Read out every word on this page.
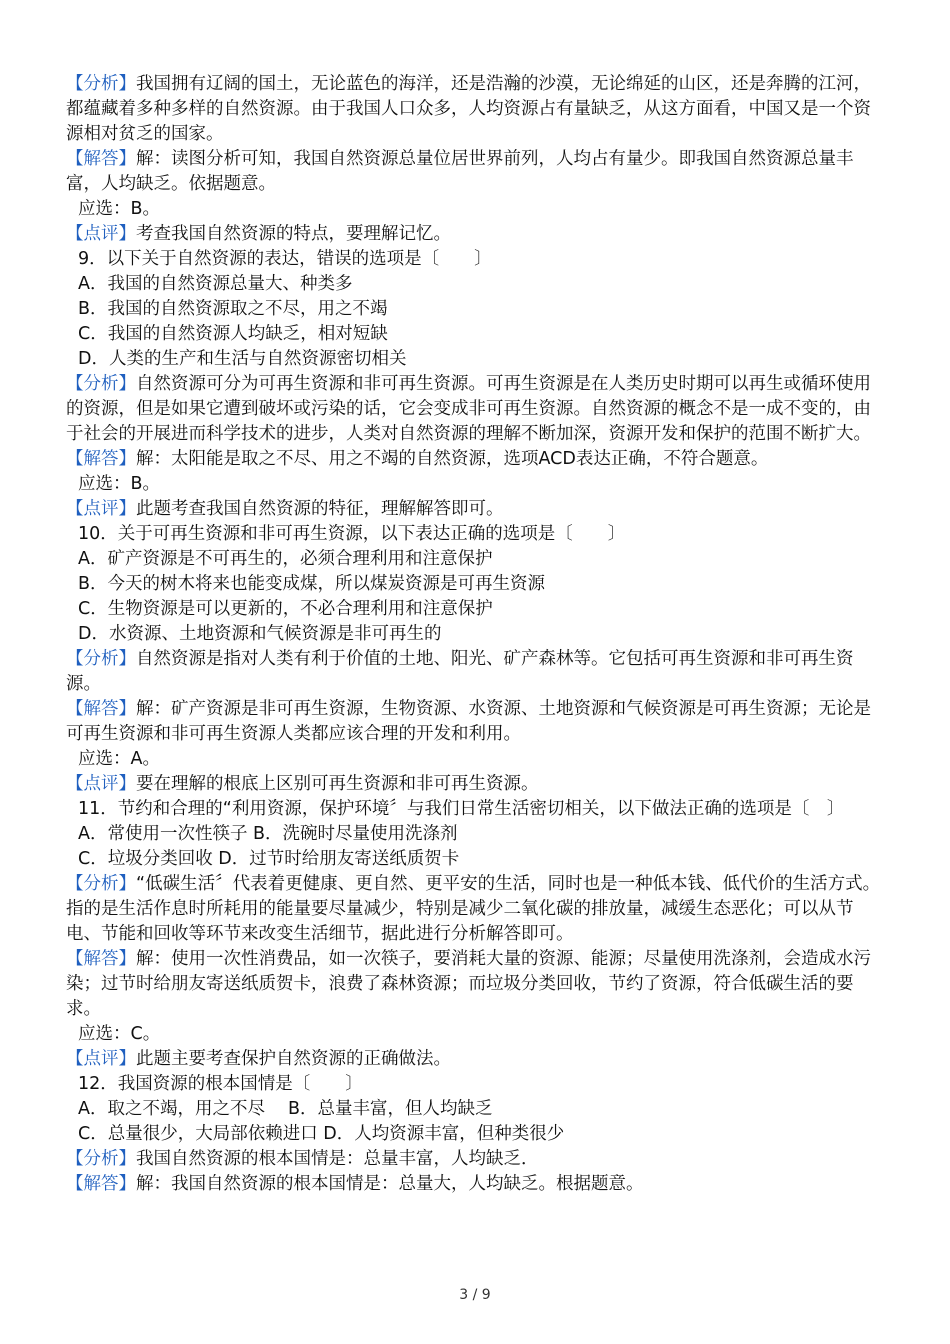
【分析】我国拥有辽阔的国土，无论蓝色的海洋，还是浩瀚的沙漠，无论绵延的山区，还是奔腾的江河，都蕴藏着多种多样的自然资源。由于我国人口众多，人均资源占有量缺乏，从这方面看，中国又是一个资源相对贫乏的国家。
【解答】解：读图分析可知，我国自然资源总量位居世界前列，人均占有量少。即我国自然资源总量丰富，人均缺乏。依据题意。
应选：B。
【点评】考查我国自然资源的特点，要理解记忆。
9．以下关于自然资源的表达，错误的选项是〔　　〕
A．我国的自然资源总量大、种类多
B．我国的自然资源取之不尽，用之不竭
C．我国的自然资源人均缺乏，相对短缺
D．人类的生产和生活与自然资源密切相关
【分析】自然资源可分为可再生资源和非可再生资源。可再生资源是在人类历史时期可以再生或循环使用的资源，但是如果它遭到破坏或污染的话，它会变成非可再生资源。自然资源的概念不是一成不变的，由于社会的开展进而科学技术的进步，人类对自然资源的理解不断加深，资源开发和保护的范围不断扩大。
【解答】解：太阳能是取之不尽、用之不竭的自然资源，选项ACD表达正确，不符合题意。
应选：B。
【点评】此题考查我国自然资源的特征，理解解答即可。
10．关于可再生资源和非可再生资源，以下表达正确的选项是〔　　〕
A．矿产资源是不可再生的，必须合理利用和注意保护
B．今天的树木将来也能变成煤，所以煤炭资源是可再生资源
C．生物资源是可以更新的，不必合理利用和注意保护
D．水资源、土地资源和气候资源是非可再生的
【分析】自然资源是指对人类有利于价值的土地、阳光、矿产森林等。它包括可再生资源和非可再生资源。
【解答】解：矿产资源是非可再生资源，生物资源、水资源、土地资源和气候资源是可再生资源；无论是可再生资源和非可再生资源人类都应该合理的开发和利用。
应选：A。
【点评】要在理解的根底上区别可再生资源和非可再生资源。
11．节约和合理的“利用资源，保护环境〞与我们日常生活密切相关，以下做法正确的选项是〔　〕
A．常使用一次性筷子 B．洗碗时尽量使用洗涤剂
C．垃圾分类回收 D．过节时给朋友寄送纸质贺卡
【分析】“低碳生活〞代表着更健康、更自然、更平安的生活，同时也是一种低本钱、低代价的生活方式。指的是生活作息时所耗用的能量要尽量减少，特别是减少二氧化碳的排放量，减缓生态恶化；可以从节电、节能和回收等环节来改变生活细节，据此进行分析解答即可。
【解答】解：使用一次性消费品，如一次筷子，要消耗大量的资源、能源；尽量使用洗涤剂，会造成水污染；过节时给朋友寄送纸质贺卡，浪费了森林资源；而垃圾分类回收，节约了资源，符合低碳生活的要求。
应选：C。
【点评】此题主要考查保护自然资源的正确做法。
12．我国资源的根本国情是〔　　〕
A．取之不竭，用之不尽　 B．总量丰富，但人均缺乏
C．总量很少，大局部依赖进口 D．人均资源丰富，但种类很少
【分析】我国自然资源的根本国情是：总量丰富，人均缺乏．
【解答】解：我国自然资源的根本国情是：总量大，人均缺乏。根据题意。
3 / 9
